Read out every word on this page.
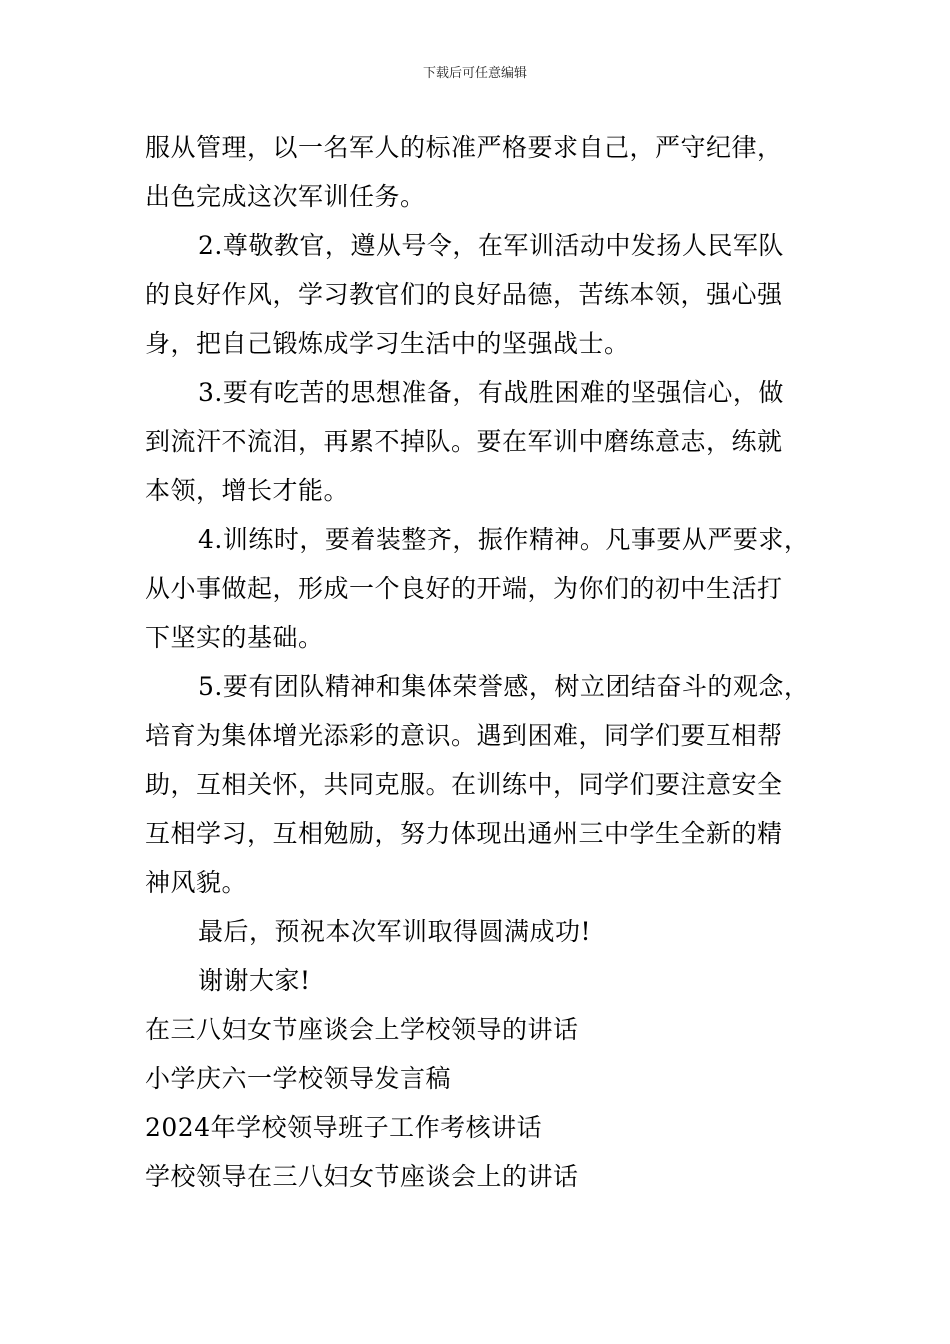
下载后可任意编辑
服从管理，以一名军人的标准严格要求自己，严守纪律，
出色完成这次军训任务。
2.尊敬教官，遵从号令，在军训活动中发扬人民军队
的良好作风，学习教官们的良好品德，苦练本领，强心强
身，把自己锻炼成学习生活中的坚强战士。
3.要有吃苦的思想准备，有战胜困难的坚强信心，做
到流汗不流泪，再累不掉队。要在军训中磨练意志，练就
本领，增长才能。
4.训练时，要着装整齐，振作精神。凡事要从严要求，
从小事做起，形成一个良好的开端，为你们的初中生活打
下坚实的基础。
5.要有团队精神和集体荣誉感，树立团结奋斗的观念，
培育为集体增光添彩的意识。遇到困难，同学们要互相帮
助，互相关怀，共同克服。在训练中，同学们要注意安全
互相学习，互相勉励，努力体现出通州三中学生全新的精
神风貌。
最后，预祝本次军训取得圆满成功!
谢谢大家!
在三八妇女节座谈会上学校领导的讲话
小学庆六一学校领导发言稿
2024年学校领导班子工作考核讲话
学校领导在三八妇女节座谈会上的讲话
